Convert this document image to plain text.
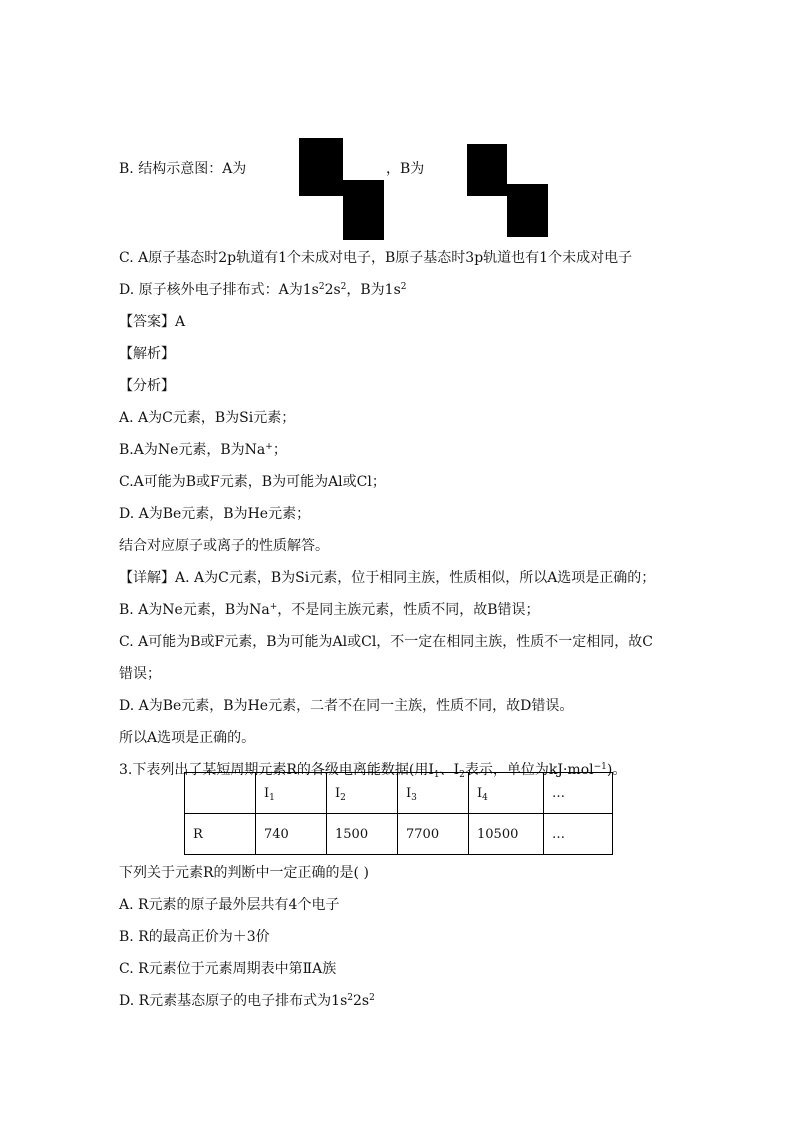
B. 结构示意图：A为	，B为
C. A原子基态时2p轨道有1个未成对电子，B原子基态时3p轨道也有1个未成对电子
D. 原子核外电子排布式：A为$1s^22s^2$，B为$1s^2$
【答案】A
【解析】
【分析】
A. A为C元素，B为Si元素；
B.A为Ne元素，B为Na+；
C.A可能为B或F元素，B为可能为Al或Cl；
D. A为Be元素，B为He元素；
结合对应原子或离子的性质解答。
【详解】A. A为C元素，B为Si元素，位于相同主族，性质相似，所以A选项是正确的；
B. A为Ne元素，B为Na+，不是同主族元素，性质不同，故B错误；
C. A可能为B或F元素，B为可能为Al或Cl，不一定在相同主族，性质不一定相同，故C
错误；
D. A为Be元素，B为He元素，二者不在同一主族，性质不同，故D错误。
所以A选项是正确的。
3.下表列出了某短周期元素R的各级电离能数据(用$I_1$、$I_2$表示，单位为kJ·mol$^{-1}$)。
	$I_1$	$I_2$	$I_3$	$I_4$	…
R	740	1500	7700	10500	…
下列关于元素R的判断中一定正确的是( )
A. R元素的原子最外层共有4个电子
B. R的最高正价为＋3价
C. R元素位于元素周期表中第ⅡA族
D. R元素基态原子的电子排布式为$1s^22s^2$
